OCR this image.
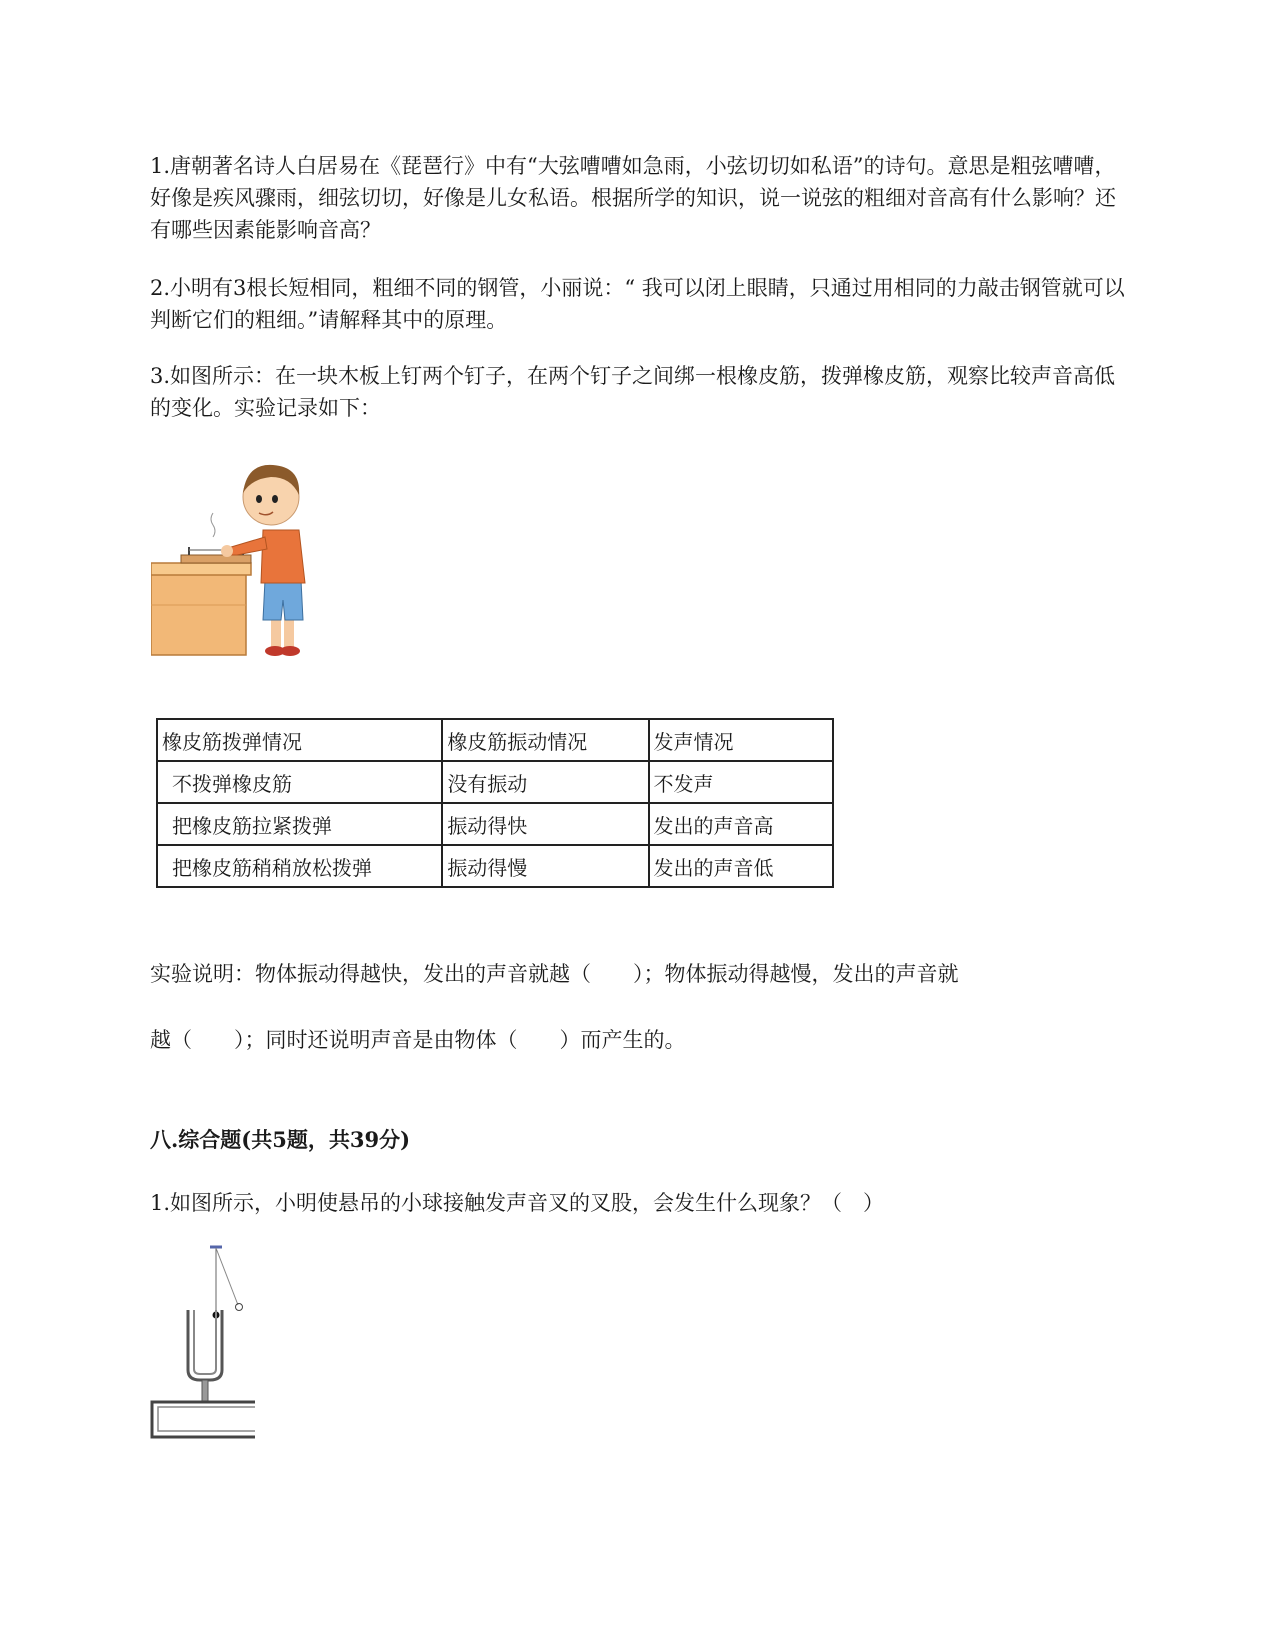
1.唐朝著名诗人白居易在《琵琶行》中有“大弦嘈嘈如急雨，小弦切切如私语”的诗句。意思是粗弦嘈嘈，好像是疾风骤雨，细弦切切，好像是儿女私语。根据所学的知识，说一说弦的粗细对音高有什么影响？还有哪些因素能影响音高？

2.小明有3根长短相同，粗细不同的钢管，小丽说：“ 我可以闭上眼睛，只通过用相同的力敲击钢管就可以判断它们的粗细。”请解释其中的原理。

3.如图所示：在一块木板上钉两个钉子，在两个钉子之间绑一根橡皮筋，拨弹橡皮筋，观察比较声音高低的变化。实验记录如下：

橡皮筋拨弹情况	橡皮筋振动情况	发声情况
不拨弹橡皮筋	没有振动	不发声
把橡皮筋拉紧拨弹	振动得快	发出的声音高
把橡皮筋稍稍放松拨弹	振动得慢	发出的声音低

实验说明：物体振动得越快，发出的声音就越（　　）；物体振动得越慢，发出的声音就

越（　　）；同时还说明声音是由物体（　　）而产生的。

八.综合题(共5题，共39分)

1.如图所示，小明使悬吊的小球接触发声音叉的叉股，会发生什么现象？（　）
